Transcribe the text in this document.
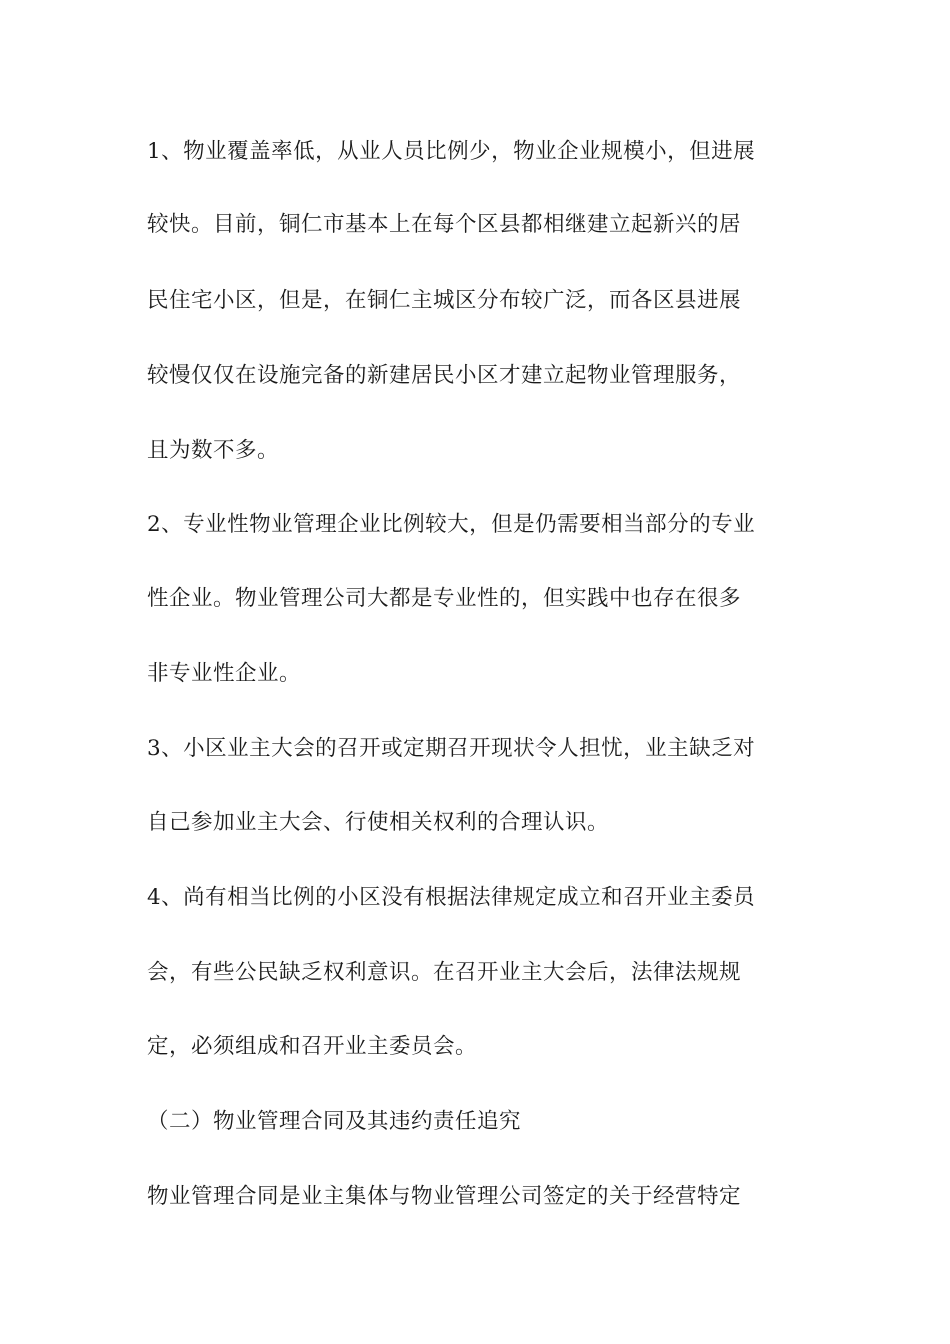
1、物业覆盖率低，从业人员比例少，物业企业规模小，但进展
较快。目前，铜仁市基本上在每个区县都相继建立起新兴的居
民住宅小区，但是，在铜仁主城区分布较广泛，而各区县进展
较慢仅仅在设施完备的新建居民小区才建立起物业管理服务，
且为数不多。
2、专业性物业管理企业比例较大，但是仍需要相当部分的专业
性企业。物业管理公司大都是专业性的，但实践中也存在很多
非专业性企业。
3、小区业主大会的召开或定期召开现状令人担忧，业主缺乏对
自己参加业主大会、行使相关权利的合理认识。
4、尚有相当比例的小区没有根据法律规定成立和召开业主委员
会，有些公民缺乏权利意识。在召开业主大会后，法律法规规
定，必须组成和召开业主委员会。
（二）物业管理合同及其违约责任追究
物业管理合同是业主集体与物业管理公司签定的关于经营特定
